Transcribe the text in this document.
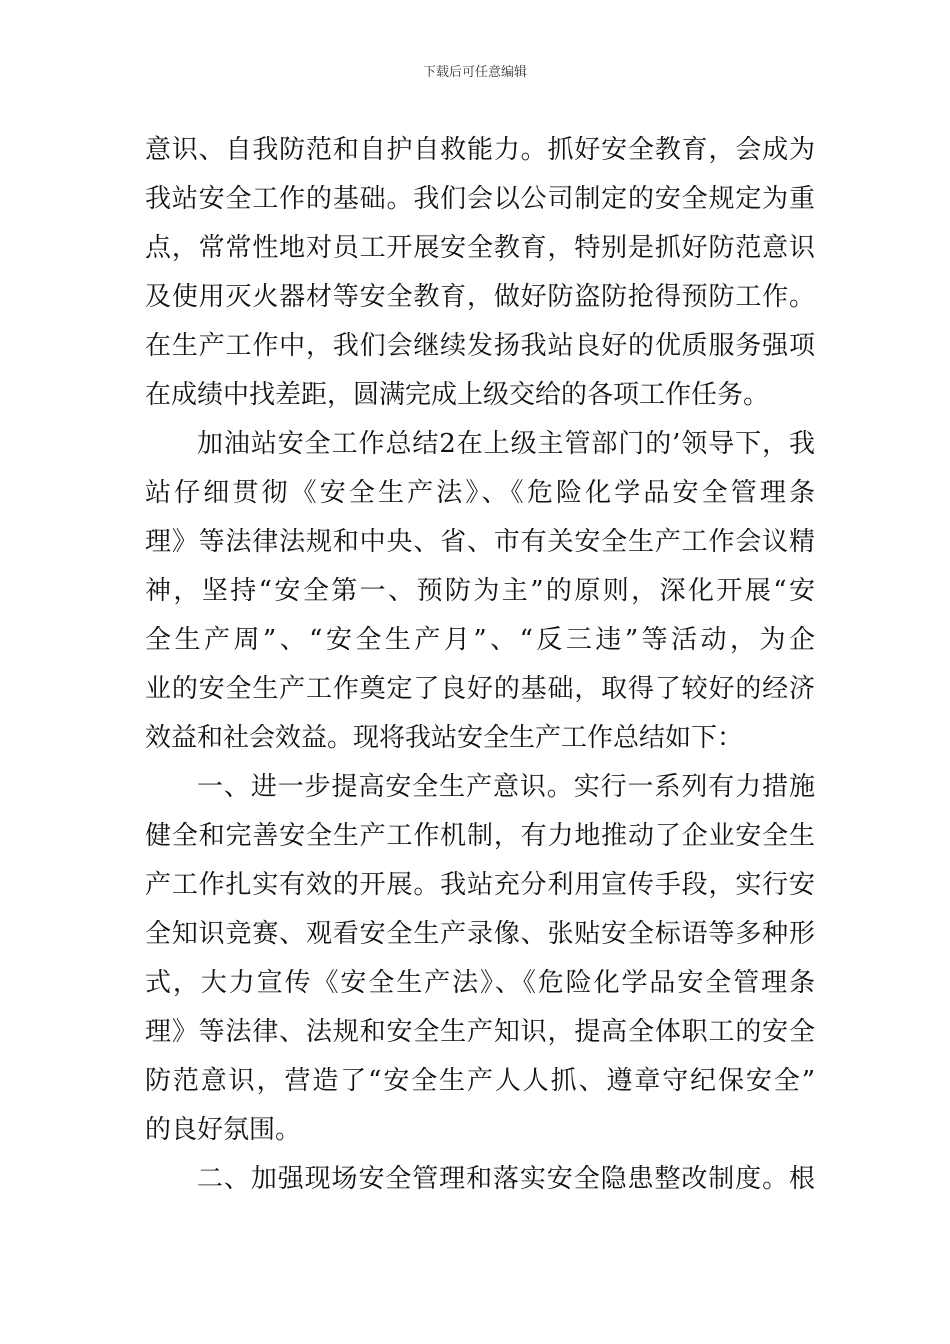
下载后可任意编辑
意识、自我防范和自护自救能力。抓好安全教育，会成为
我站安全工作的基础。我们会以公司制定的安全规定为重
点，常常性地对员工开展安全教育，特别是抓好防范意识
及使用灭火器材等安全教育，做好防盗防抢得预防工作。
在生产工作中，我们会继续发扬我站良好的优质服务强项
在成绩中找差距，圆满完成上级交给的各项工作任务。
加油站安全工作总结2在上级主管部门的’领导下，我
站仔细贯彻《安全生产法》、《危险化学品安全管理条
理》等法律法规和中央、省、市有关安全生产工作会议精
神，坚持“安全第一、预防为主”的原则，深化开展“安
全生产周”、“安全生产月”、“反三违”等活动，为企
业的安全生产工作奠定了良好的基础，取得了较好的经济
效益和社会效益。现将我站安全生产工作总结如下：
一、进一步提高安全生产意识。实行一系列有力措施
健全和完善安全生产工作机制，有力地推动了企业安全生
产工作扎实有效的开展。我站充分利用宣传手段，实行安
全知识竞赛、观看安全生产录像、张贴安全标语等多种形
式，大力宣传《安全生产法》、《危险化学品安全管理条
理》等法律、法规和安全生产知识，提高全体职工的安全
防范意识，营造了“安全生产人人抓、遵章守纪保安全”
的良好氛围。
二、加强现场安全管理和落实安全隐患整改制度。根
